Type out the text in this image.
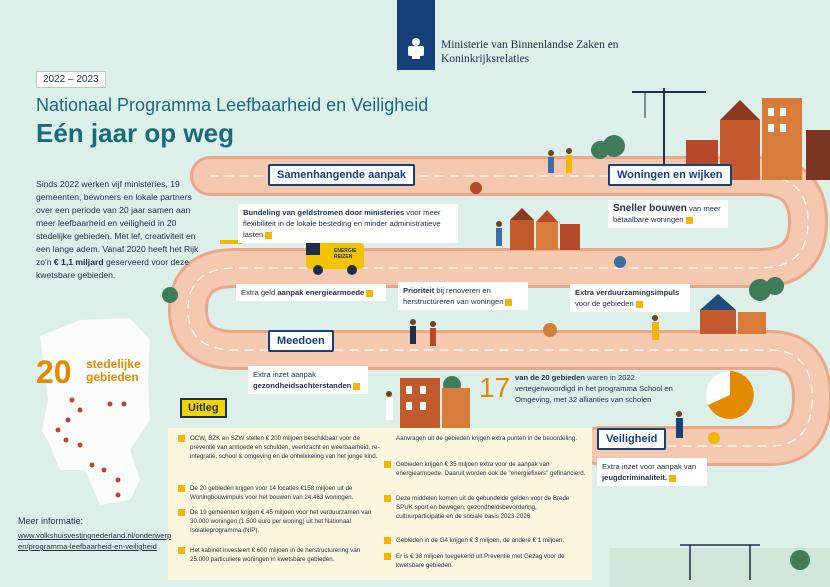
Ministerie van Binnenlandse Zaken en
Koninkrijksrelaties
2022 – 2023
Nationaal Programma Leefbaarheid en Veiligheid
Eén jaar op weg
Sinds 2022 werken vijf ministeries, 19 gemeenten, bewoners en lokale partners over een periode van 20 jaar samen aan meer leefbaarheid en veiligheid in 20 stedelijke gebieden. Met lef, creativiteit en een lange adem. Vanaf 2020 heeft het Rijk zo'n € 1,1 miljard geserveerd voor deze kwetsbare gebieden.
Samenhangende aanpak	Woningen en wijken
Meedoen
Veiligheid
Bundeling van geldstromen door ministeries voor meer flexibiliteit in de lokale besteding en minder administratieve lasten
Sneller bouwen van meer betaalbare woningen
Extra geld aanpak energiearmoede	Prioriteit bij renoveren en herstructureren van woningen
Extra verduurzamingsimpuls voor de gebieden
Extra inzet aanpak gezondheidsachterstanden
Extra inzet voor aanpak van jeugdcriminaliteit.
17 van de 20 gebieden waren in 2022 vertegenwoordigd in het programma School en Omgeving, met 32 allianties van scholen
ENERGIE
REIZEN
20 stedelijke
gebieden
Uitleg
OCW, BZK en SZW stellen € 200 miljoen beschikbaar voor de preventie van armoede en schulden, veerkracht en weerbaarheid, re-integratie, school & omgeving en de ontwikkeling van het jonge kind.
De 20 gebieden krijgen voor 14 locaties €158 miljoen uit de Woningbouwimpuls voor het bouwen van 24.463 woningen.
De 19 gemeenten krijgen € 45 miljoen voor het verduurzamen van 30.000 woningen (1.500 euro per woning) uit het Nationaal Isolatieprogramma (NIP).
Het kabinet investeert € 600 miljoen in de herstructurering van 25.000 particuliere woningen in kwetsbare gebieden.
Aanvragen uit de gebieden krijgen extra punten in de beoordeling.
Gebieden krijgen € 35 miljoen extra voor de aanpak van energiearmoede. Daaruit worden ook de "energiefixers" gefinancierd.
Deze middelen komen uit de gebundelde gelden voor de Brede SPUK sport en bewegen, gezondheidsbevordering, cultuurparticipatie en de sociale basis 2023-2026.
Gebieden in de G4 krijgen € 3 miljoen, de andere € 1 miljoen.
Er is € 38 miljoen toegekend uit Preventie met Gezag voor de kwetsbare gebieden.
Meer informatie:
www.volkshuisvestingnederland.nl/onderwerpen/programma-leefbaarheid-en-veiligheid
